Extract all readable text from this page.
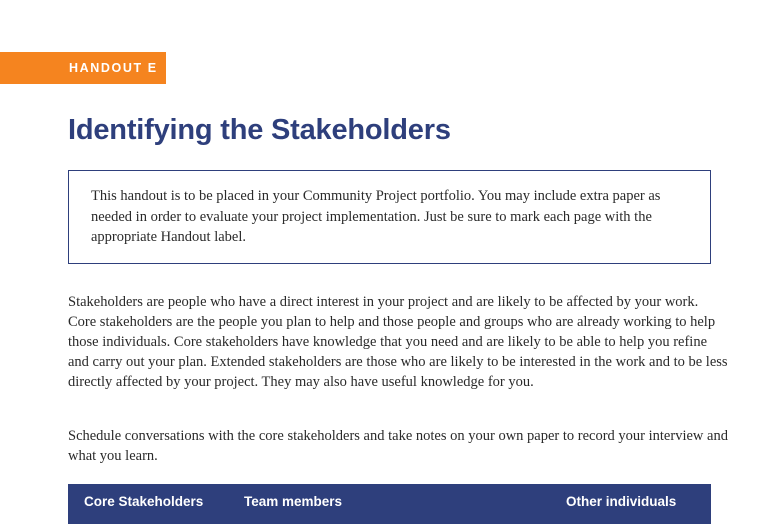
HANDOUT E
Identifying the Stakeholders
This handout is to be placed in your Community Project portfolio. You may include extra paper as needed in order to evaluate your project implementation. Just be sure to mark each page with the appropriate Handout label.

Stakeholders are people who have a direct interest in your project and are likely to be affected by your work. Core stakeholders are the people you plan to help and those people and groups who are already working to help those individuals. Core stakeholders have knowledge that you need and are likely to be able to help you refine and carry out your plan. Extended stakeholders are those who are likely to be interested in the work and to be less directly affected by your project. They may also have useful knowledge for you.

Schedule conversations with the core stakeholders and take notes on your own paper to record your interview and what you learn.

Core Stakeholders	Team members	Other individuals
